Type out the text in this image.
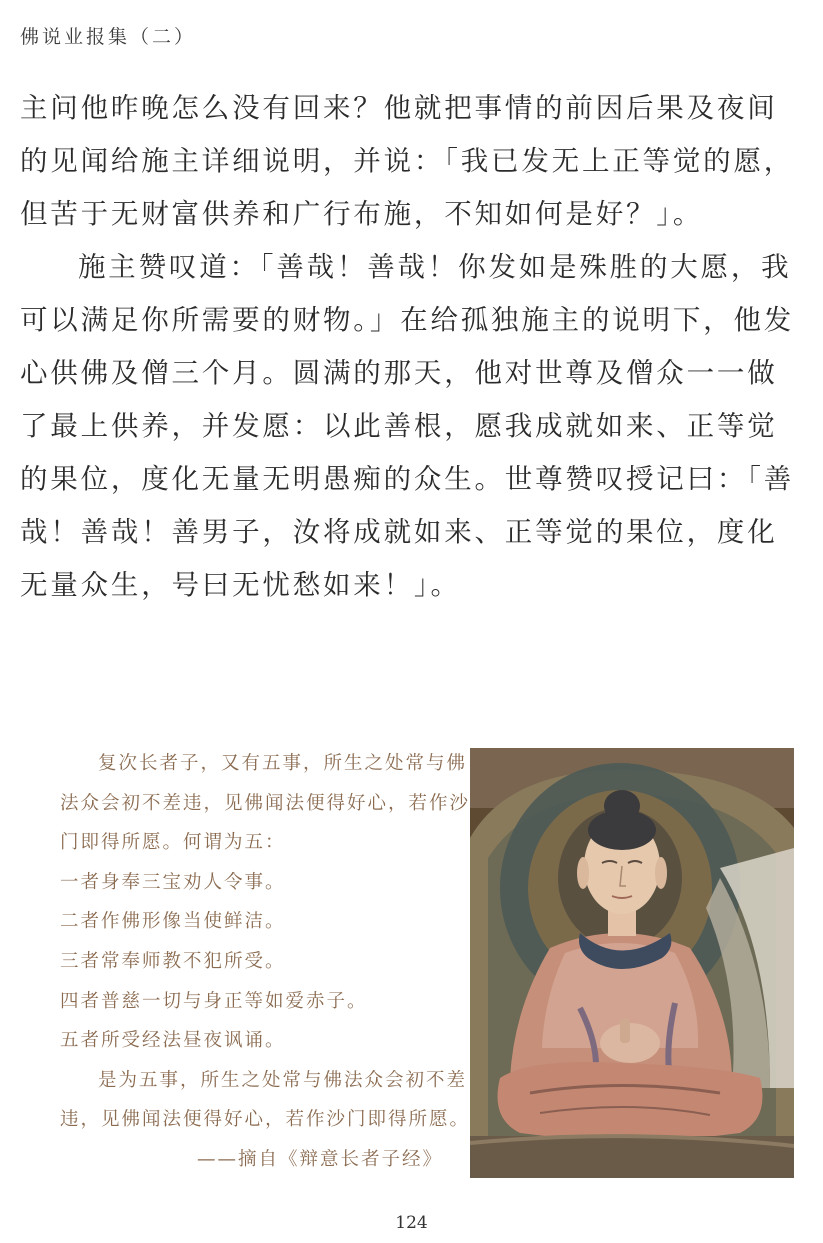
佛说业报集（二）

主问他昨晚怎么没有回来？他就把事情的前因后果及夜间的见闻给施主详细说明，并说：「我已发无上正等觉的愿，但苦于无财富供养和广行布施，不知如何是好？」。

施主赞叹道：「善哉！善哉！你发如是殊胜的大愿，我可以满足你所需要的财物。」在给孤独施主的说明下，他发心供佛及僧三个月。圆满的那天，他对世尊及僧众一一做了最上供养，并发愿：以此善根，愿我成就如来、正等觉的果位，度化无量无明愚痴的众生。世尊赞叹授记曰：「善哉！善哉！善男子，汝将成就如来、正等觉的果位，度化无量众生，号曰无忧愁如来！」。

复次长者子，又有五事，所生之处常与佛

法众会初不差违，见佛闻法便得好心，若作沙

门即得所愿。何谓为五：

一者身奉三宝劝人令事。

二者作佛形像当使鲜洁。

三者常奉师教不犯所受。

四者普慈一切与身正等如爱赤子。

五者所受经法昼夜讽诵。

是为五事，所生之处常与佛法众会初不差

违，见佛闻法便得好心，若作沙门即得所愿。

——摘自《辩意长者子经》

124
